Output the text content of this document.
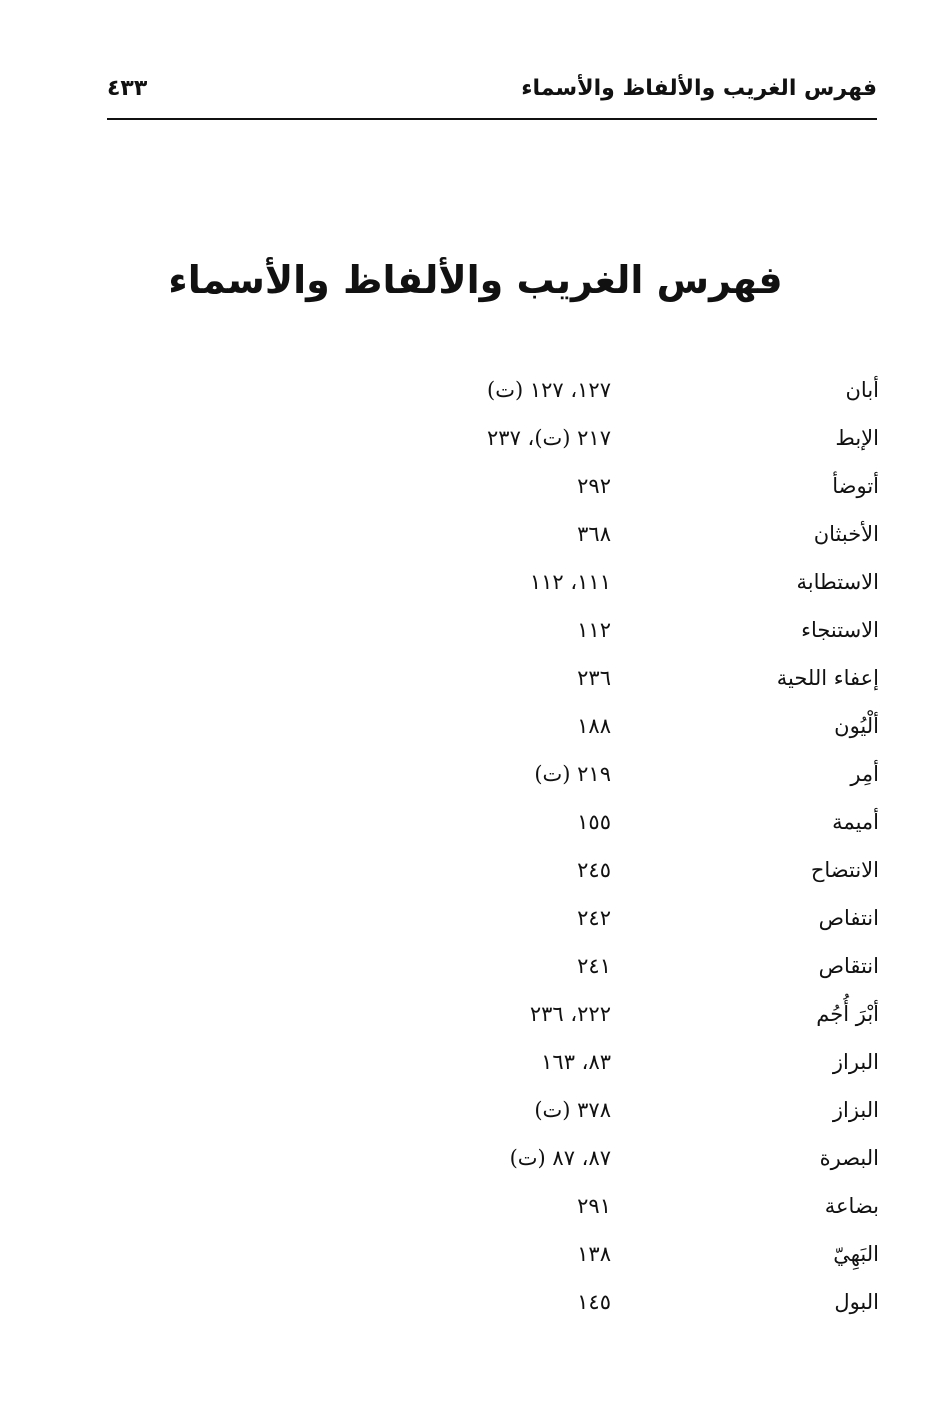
فهرس الغريب والألفاظ والأسماء
٤٣٣
فهرس الغريب والألفاظ والأسماء
أبان
١٢٧، ١٢٧ (ت)
الإبط
٢١٧ (ت)، ٢٣٧
أتوضأ
٢٩٢
الأخبثان
٣٦٨
الاستطابة
١١١، ١١٢
الاستنجاء
١١٢
إعفاء اللحية
٢٣٦
ألْيُون
١٨٨
أمِر
٢١٩ (ت)
أميمة
١٥٥
الانتضاح
٢٤٥
انتفاص
٢٤٢
انتقاص
٢٤١
أبْرَ أُجُم
٢٢٢، ٢٣٦
البراز
٨٣، ١٦٣
البزاز
٣٧٨ (ت)
البصرة
٨٧، ٨٧ (ت)
بضاعة
٢٩١
البَهِيّ
١٣٨
البول
١٤٥
